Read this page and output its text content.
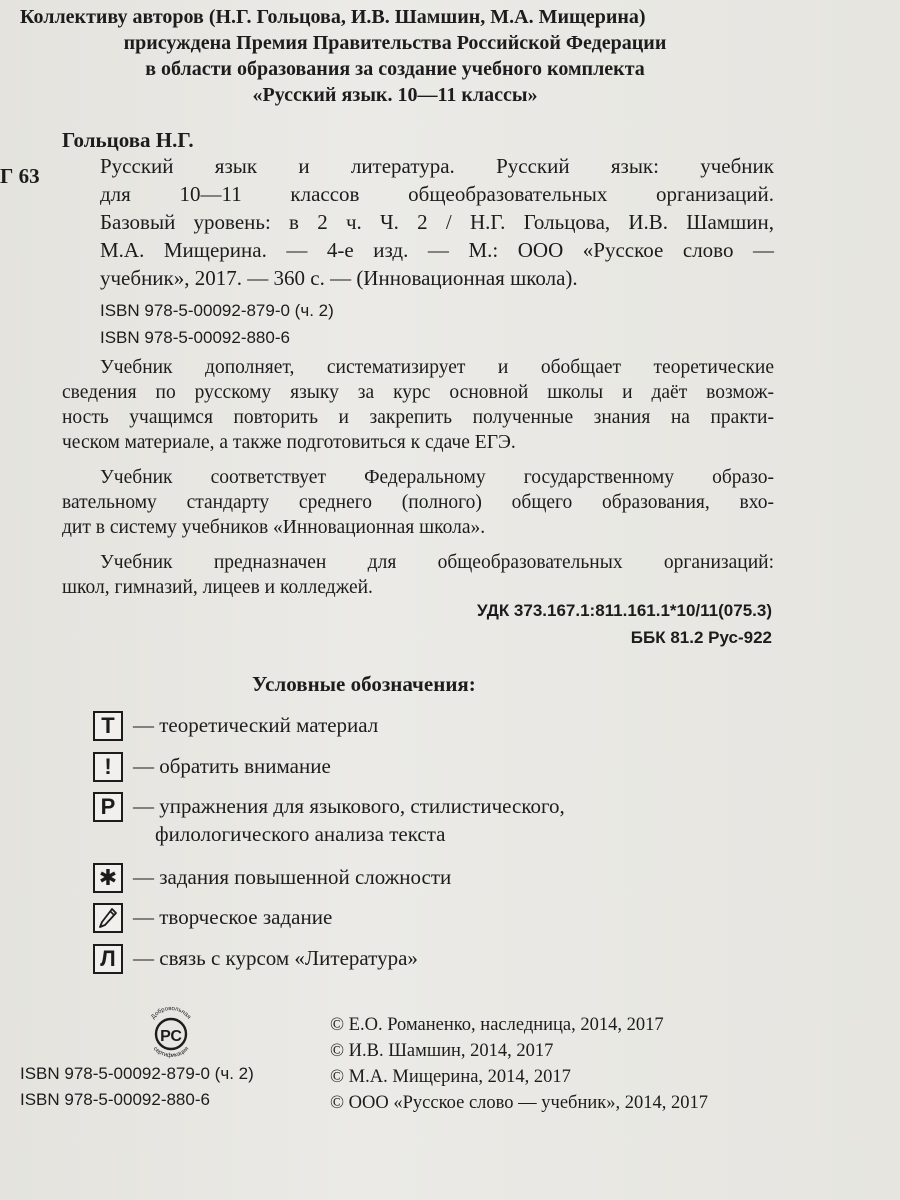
Коллективу авторов (Н.Г. Гольцова, И.В. Шамшин, М.А. Мищерина)
присуждена Премия Правительства Российской Федерации
в области образования за создание учебного комплекта
«Русский язык. 10—11 классы»
Гольцова Н.Г.
Г 63	Русский язык и литература. Русский язык: учебник
для 10—11 классов общеобразовательных организаций.
Базовый уровень: в 2 ч. Ч. 2 / Н.Г. Гольцова, И.В. Шамшин,
М.А. Мищерина. — 4-е изд. — М.: ООО «Русское слово —
учебник», 2017. — 360 с. — (Инновационная школа).
ISBN 978-5-00092-879-0 (ч. 2)
ISBN 978-5-00092-880-6

Учебник дополняет, систематизирует и обобщает теоретические
сведения по русскому языку за курс основной школы и даёт возмож-
ность учащимся повторить и закрепить полученные знания на практи-
ческом материале, а также подготовиться к сдаче ЕГЭ.

Учебник соответствует Федеральному государственному образо-
вательному стандарту среднего (полного) общего образования, вхо-
дит в систему учебников «Инновационная школа».

Учебник предназначен для общеобразовательных организаций:
школ, гимназий, лицеев и колледжей.

УДК 373.167.1:811.161.1*10/11(075.3)
ББК 81.2 Рус-922
Условные обозначения:
Т — теоретический материал
!	— обратить внимание
Р — упражнения для языкового, стилистического,
филологического анализа текста
✱ — задания повышенной сложности
— творческое задание
Л — связь с курсом «Литература»
РС
Добровольная
сертификация
ISBN 978-5-00092-879-0 (ч. 2)
ISBN 978-5-00092-880-6
© Е.О. Романенко, наследница, 2014, 2017
© И.В. Шамшин, 2014, 2017
© М.А. Мищерина, 2014, 2017
© ООО «Русское слово — учебник», 2014, 2017
